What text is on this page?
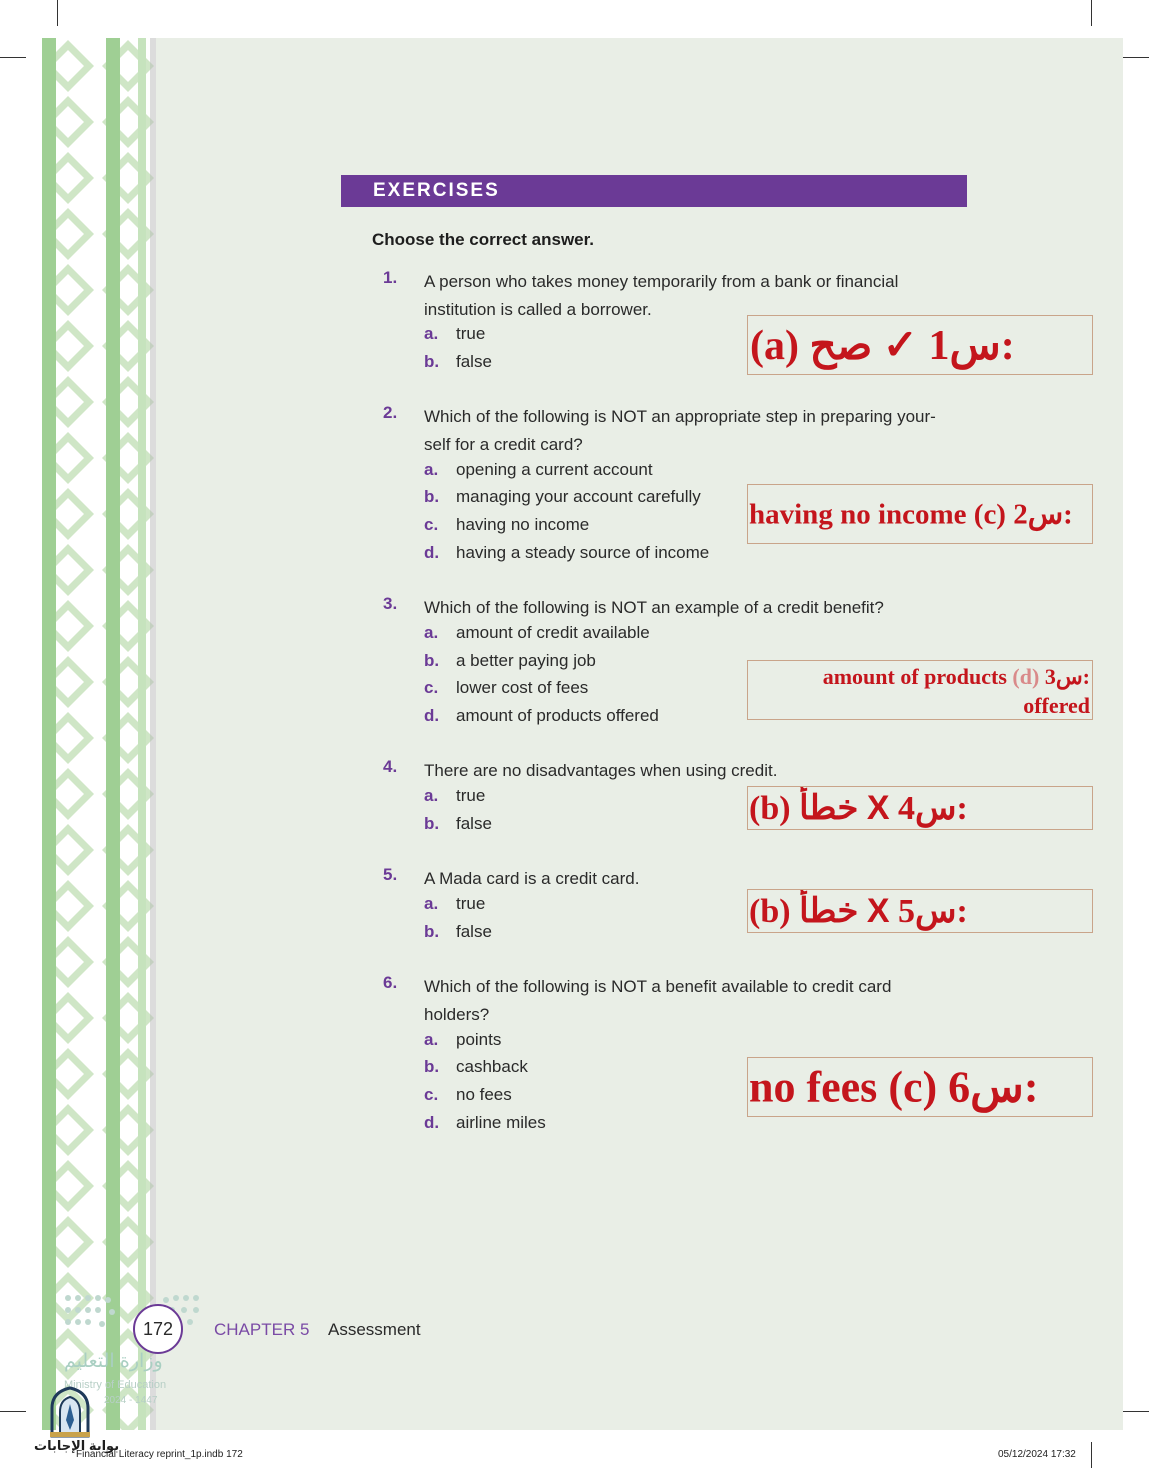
EXERCISES
Choose the correct answer.
1. A person who takes money temporarily from a bank or financial
institution is called a borrower.
a. true
b. false
2. Which of the following is NOT an appropriate step in preparing your-
self for a credit card?
a. opening a current account
b. managing your account carefully
c. having no income
d. having a steady source of income
3. Which of the following is NOT an example of a credit benefit?
a. amount of credit available
b. a better paying job
c. lower cost of fees
d. amount of products offered
4. There are no disadvantages when using credit.
a. true
b. false
5. A Mada card is a credit card.
a. true
b. false
6. Which of the following is NOT a benefit available to credit card
holders?
a. points
b. cashback
c. no fees
d. airline miles
(a) صح ✓ س1:
having no income (c) س2:
amount of products (d) س3:
offered
(b) خطأ X س4:
(b) خطأ X س5:
no fees (c) س6:
وزارة التعليم
Ministry of Education
2024 - 1447
172	CHAPTER 5 Assessment
بوابة الإجابات
Financial Literacy reprint_1p.indb 172	05/12/2024 17:32
